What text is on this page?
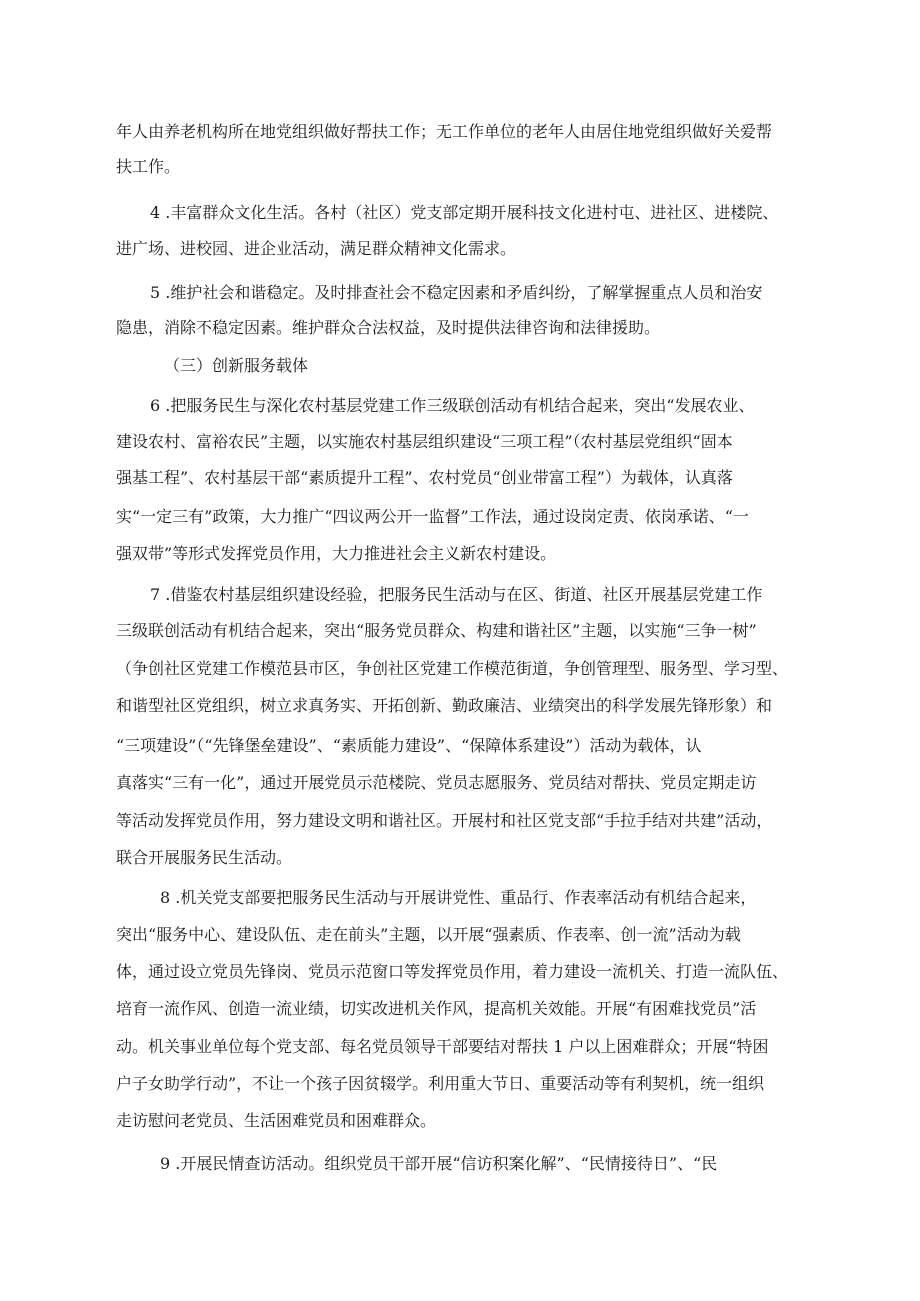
年人由养老机构所在地党组织做好帮扶工作；无工作单位的老年人由居住地党组织做好关爱帮
扶工作。
4 .丰富群众文化生活。各村（社区）党支部定期开展科技文化进村屯、进社区、进楼院、
进广场、进校园、进企业活动，满足群众精神文化需求。
5 .维护社会和谐稳定。及时排查社会不稳定因素和矛盾纠纷，了解掌握重点人员和治安
隐患，消除不稳定因素。维护群众合法权益，及时提供法律咨询和法律援助。
（三）创新服务载体
6 .把服务民生与深化农村基层党建工作三级联创活动有机结合起来，突出“发展农业、
建设农村、富裕农民”主题，以实施农村基层组织建设“三项工程”（农村基层党组织“固本
强基工程”、农村基层干部“素质提升工程”、农村党员“创业带富工程”）为载体，认真落
实“一定三有”政策，大力推广“四议两公开一监督”工作法，通过设岗定责、依岗承诺、“一
强双带”等形式发挥党员作用，大力推进社会主义新农村建设。
7 .借鉴农村基层组织建设经验，把服务民生活动与在区、街道、社区开展基层党建工作
三级联创活动有机结合起来，突出“服务党员群众、构建和谐社区”主题，以实施“三争一树”
（争创社区党建工作模范县市区，争创社区党建工作模范街道，争创管理型、服务型、学习型、
和谐型社区党组织，树立求真务实、开拓创新、勤政廉洁、业绩突出的科学发展先锋形象）和
“三项建设”（“先锋堡垒建设”、“素质能力建设”、“保障体系建设”）活动为载体，认
真落实“三有一化”，通过开展党员示范楼院、党员志愿服务、党员结对帮扶、党员定期走访
等活动发挥党员作用，努力建设文明和谐社区。开展村和社区党支部“手拉手结对共建”活动，
联合开展服务民生活动。
8 .机关党支部要把服务民生活动与开展讲党性、重品行、作表率活动有机结合起来，
突出“服务中心、建设队伍、走在前头”主题，以开展“强素质、作表率、创一流”活动为载
体，通过设立党员先锋岗、党员示范窗口等发挥党员作用，着力建设一流机关、打造一流队伍、
培育一流作风、创造一流业绩，切实改进机关作风，提高机关效能。开展“有困难找党员”活
动。机关事业单位每个党支部、每名党员领导干部要结对帮扶 1 户以上困难群众；开展“特困
户子女助学行动”，不让一个孩子因贫辍学。利用重大节日、重要活动等有利契机，统一组织
走访慰问老党员、生活困难党员和困难群众。
9 .开展民情查访活动。组织党员干部开展“信访积案化解”、“民情接待日”、“民
